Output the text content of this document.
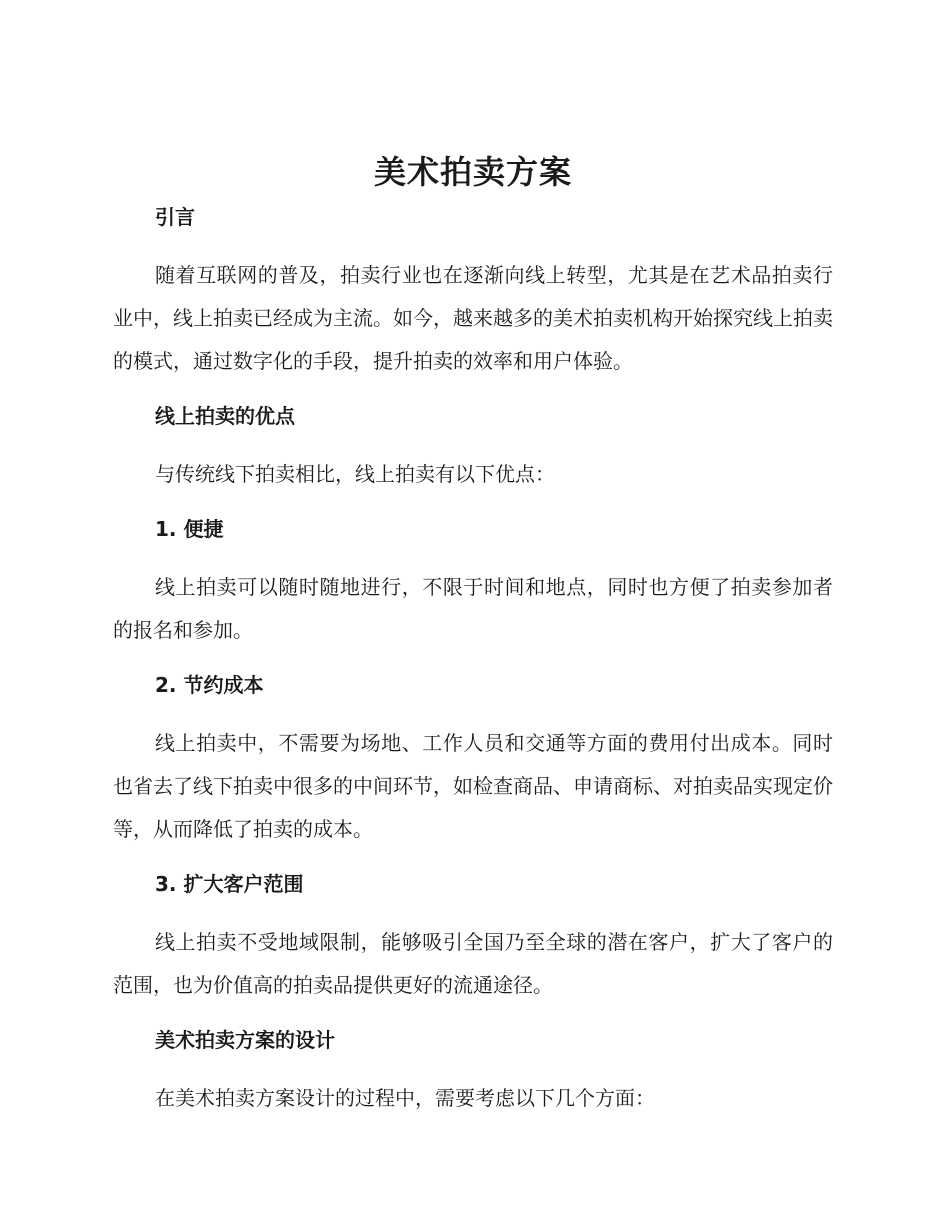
美术拍卖方案
引言

随着互联网的普及，拍卖行业也在逐渐向线上转型，尤其是在艺术品拍卖行业中，线上拍卖已经成为主流。如今，越来越多的美术拍卖机构开始探究线上拍卖的模式，通过数字化的手段，提升拍卖的效率和用户体验。

线上拍卖的优点

与传统线下拍卖相比，线上拍卖有以下优点：

1. 便捷

线上拍卖可以随时随地进行，不限于时间和地点，同时也方便了拍卖参加者的报名和参加。

2. 节约成本

线上拍卖中，不需要为场地、工作人员和交通等方面的费用付出成本。同时也省去了线下拍卖中很多的中间环节，如检查商品、申请商标、对拍卖品实现定价等，从而降低了拍卖的成本。

3. 扩大客户范围

线上拍卖不受地域限制，能够吸引全国乃至全球的潜在客户，扩大了客户的范围，也为价值高的拍卖品提供更好的流通途径。

美术拍卖方案的设计

在美术拍卖方案设计的过程中，需要考虑以下几个方面：
